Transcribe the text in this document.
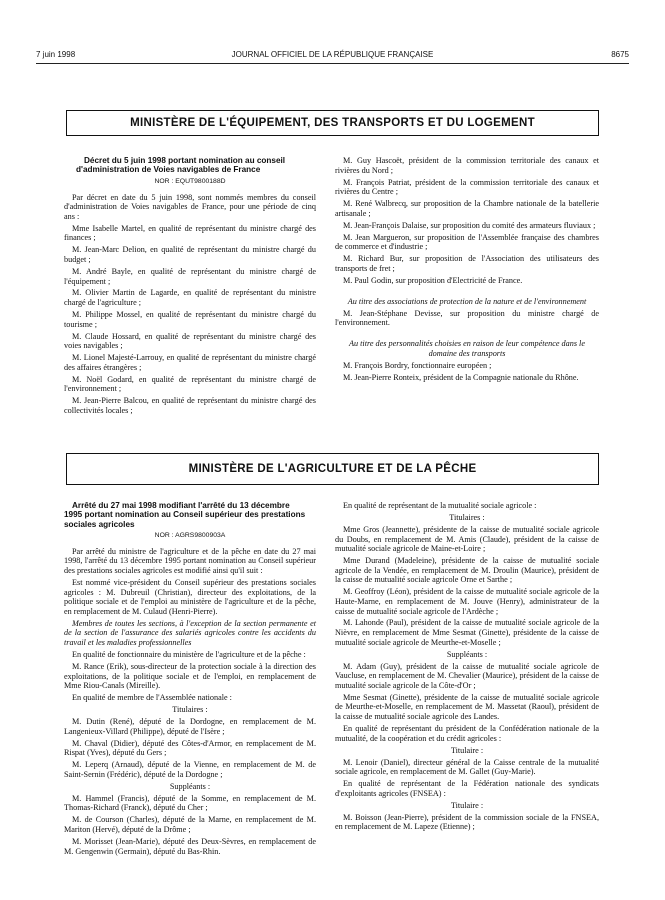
7 juin 1998	JOURNAL OFFICIEL DE LA RÉPUBLIQUE FRANÇAISE	8675
MINISTÈRE DE L'ÉQUIPEMENT, DES TRANSPORTS ET DU LOGEMENT

Décret du 5 juin 1998 portant nomination au conseil d'administration de Voies navigables de France

NOR : EQUT9800188D

Par décret en date du 5 juin 1998, sont nommés membres du conseil d'administration de Voies navigables de France, pour une période de cinq ans :

Mme Isabelle Martel, en qualité de représentant du ministre chargé des finances ;

M. Jean-Marc Delion, en qualité de représentant du ministre chargé du budget ;

M. André Bayle, en qualité de représentant du ministre chargé de l'équipement ;

M. Olivier Martin de Lagarde, en qualité de représentant du ministre chargé de l'agriculture ;

M. Philippe Mossel, en qualité de représentant du ministre chargé du tourisme ;

M. Claude Hossard, en qualité de représentant du ministre chargé des voies navigables ;

M. Lionel Majesté-Larrouy, en qualité de représentant du ministre chargé des affaires étrangères ;

M. Noël Godard, en qualité de représentant du ministre chargé de l'environnement ;

M. Jean-Pierre Balcou, en qualité de représentant du ministre chargé des collectivités locales ;

M. Guy Hascoët, président de la commission territoriale des canaux et rivières du Nord ;

M. François Patriat, président de la commission territoriale des canaux et rivières du Centre ;

M. René Walbrecq, sur proposition de la Chambre nationale de la batellerie artisanale ;

M. Jean-François Dalaise, sur proposition du comité des armateurs fluviaux ;

M. Jean Margueron, sur proposition de l'Assemblée française des chambres de commerce et d'industrie ;

M. Richard Bur, sur proposition de l'Association des utilisateurs des transports de fret ;

M. Paul Godin, sur proposition d'Electricité de France.

Au titre des associations de protection de la nature et de l'environnement

M. Jean-Stéphane Devisse, sur proposition du ministre chargé de l'environnement.

Au titre des personnalités choisies en raison de leur compétence dans le domaine des transports

M. François Bordry, fonctionnaire européen ;

M. Jean-Pierre Ronteix, président de la Compagnie nationale du Rhône.

MINISTÈRE DE L'AGRICULTURE ET DE LA PÊCHE

Arrêté du 27 mai 1998 modifiant l'arrêté du 13 décembre 1995 portant nomination au Conseil supérieur des prestations sociales agricoles

NOR : AGRS9800903A

Par arrêté du ministre de l'agriculture et de la pêche en date du 27 mai 1998, l'arrêté du 13 décembre 1995 portant nomination au Conseil supérieur des prestations sociales agricoles est modifié ainsi qu'il suit :

Est nommé vice-président du Conseil supérieur des prestations sociales agricoles : M. Dubreuil (Christian), directeur des exploitations, de la politique sociale et de l'emploi au ministère de l'agriculture et de la pêche, en remplacement de M. Culaud (Henri-Pierre).

Membres de toutes les sections, à l'exception de la section permanente et de la section de l'assurance des salariés agricoles contre les accidents du travail et les maladies professionnelles

En qualité de fonctionnaire du ministère de l'agriculture et de la pêche :

M. Rance (Erik), sous-directeur de la protection sociale à la direction des exploitations, de la politique sociale et de l'emploi, en remplacement de Mme Riou-Canals (Mireille).

En qualité de membre de l'Assemblée nationale :

Titulaires :

M. Dutin (René), député de la Dordogne, en remplacement de M. Langenieux-Villard (Philippe), député de l'Isère ;

M. Chaval (Didier), député des Côtes-d'Armor, en remplacement de M. Rispat (Yves), député du Gers ;

M. Leperq (Arnaud), député de la Vienne, en remplacement de M. de Saint-Sernin (Frédéric), député de la Dordogne ;

Suppléants :

M. Hammel (Francis), député de la Somme, en remplacement de M. Thomas-Richard (Franck), député du Cher ;

M. de Courson (Charles), député de la Marne, en remplacement de M. Mariton (Hervé), député de la Drôme ;

M. Morisset (Jean-Marie), député des Deux-Sèvres, en remplacement de M. Gengenwin (Germain), député du Bas-Rhin.

En qualité de représentant de la mutualité sociale agricole :

Titulaires :

Mme Gros (Jeannette), présidente de la caisse de mutualité sociale agricole du Doubs, en remplacement de M. Amis (Claude), président de la caisse de mutualité sociale agricole de Maine-et-Loire ;

Mme Durand (Madeleine), présidente de la caisse de mutualité sociale agricole de la Vendée, en remplacement de M. Droulin (Maurice), président de la caisse de mutualité sociale agricole Orne et Sarthe ;

M. Geoffroy (Léon), président de la caisse de mutualité sociale agricole de la Haute-Marne, en remplacement de M. Jouve (Henry), administrateur de la caisse de mutualité sociale agricole de l'Ardèche ;

M. Lahonde (Paul), président de la caisse de mutualité sociale agricole de la Nièvre, en remplacement de Mme Sesmat (Ginette), présidente de la caisse de mutualité sociale agricole de Meurthe-et-Moselle ;

Suppléants :

M. Adam (Guy), président de la caisse de mutualité sociale agricole de Vaucluse, en remplacement de M. Chevalier (Maurice), président de la caisse de mutualité sociale agricole de la Côte-d'Or ;

Mme Sesmat (Ginette), présidente de la caisse de mutualité sociale agricole de Meurthe-et-Moselle, en remplacement de M. Massetat (Raoul), président de la caisse de mutualité sociale agricole des Landes.

En qualité de représentant du président de la Confédération nationale de la mutualité, de la coopération et du crédit agricoles :

Titulaire :

M. Lenoir (Daniel), directeur général de la Caisse centrale de la mutualité sociale agricole, en remplacement de M. Gallet (Guy-Marie).

En qualité de représentant de la Fédération nationale des syndicats d'exploitants agricoles (FNSEA) :

Titulaire :

M. Boisson (Jean-Pierre), président de la commission sociale de la FNSEA, en remplacement de M. Lapeze (Etienne) ;
